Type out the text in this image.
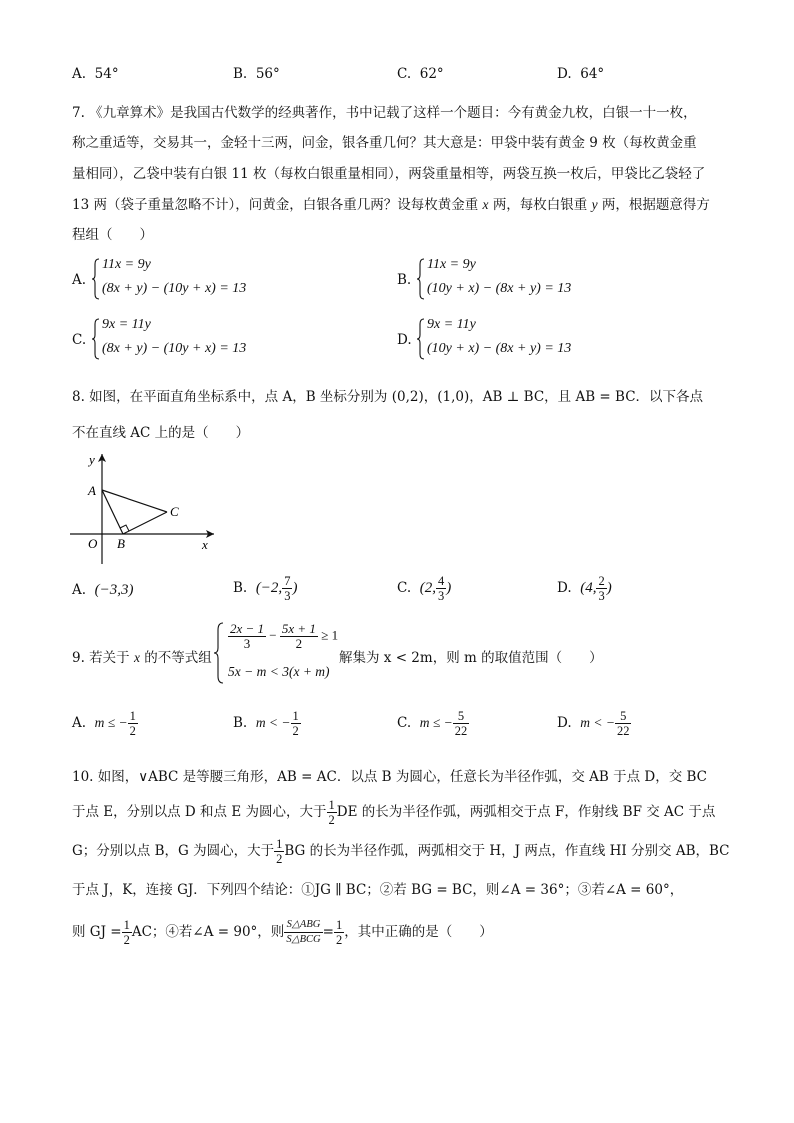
A. 54°	B. 56°	C. 62°	D. 64°
7. 《九章算术》是我国古代数学的经典著作，书中记载了这样一个题目：今有黄金九枚，白银一十一枚，
称之重适等，交易其一，金轻十三两，问金，银各重几何？其大意是：甲袋中装有黄金 9 枚（每枚黄金重
量相同），乙袋中装有白银 11 枚（每枚白银重量相同），两袋重量相等，两袋互换一枚后，甲袋比乙袋轻了
13 两（袋子重量忽略不计），问黄金，白银各重几两？设每枚黄金重 x 两，每枚白银重 y 两，根据题意得方
程组（　　）
A.
11x = 9y
(8x + y) − (10y + x) = 13
B.
11x = 9y
(10y + x) − (8x + y) = 13
C.
9x = 11y
(8x + y) − (10y + x) = 13
D.
9x = 11y
(10y + x) − (8x + y) = 13
8. 如图，在平面直角坐标系中，点 A，B 坐标分别为 (0,2)，(1,0)，AB ⊥ BC，且 AB = BC．以下各点
不在直线 AC 上的是（　　）
y
x
A
B
C
O
A. (−3,3)	B. (−2, $\frac{7}{3}$ )	C. (2, $\frac{4}{3}$ )	D. (4, $\frac{2}{3}$ )
9. 若关于 x 的不等式组
$\frac{2x - 1}{3} - \frac{5x + 1}{2} \ge 1$
5x − m < 3(x + m)
解集为 x < 2m，则 m 的取值范围（　　）
A. m ≤ − $\frac{1}{2}$	B. m < − $\frac{1}{2}$	C. m ≤ − $\frac{5}{22}$	D. m < − $\frac{5}{22}$
10. 如图，∨ABC 是等腰三角形，AB = AC．以点 B 为圆心，任意长为半径作弧，交 AB 于点 D，交 BC
于点 E，分别以点 D 和点 E 为圆心，大于 $\frac{1}{2}$ DE 的长为半径作弧，两弧相交于点 F，作射线 BF 交 AC 于点
G；分别以点 B，G 为圆心，大于 $\frac{1}{2}$ BG 的长为半径作弧，两弧相交于 H，J 两点，作直线 HI 分别交 AB，BC
于点 J，K，连接 GJ．下列四个结论：①JG ∥ BC；②若 BG = BC，则∠A = 36°；③若∠A = 60°，
则 GJ = $\frac{1}{2}$ AC；④若∠A = 90°，则 $\frac{\text{S△ABG}}{\text{S△BCG}} = \frac{1}{2}$ ，其中正确的是（　　）
